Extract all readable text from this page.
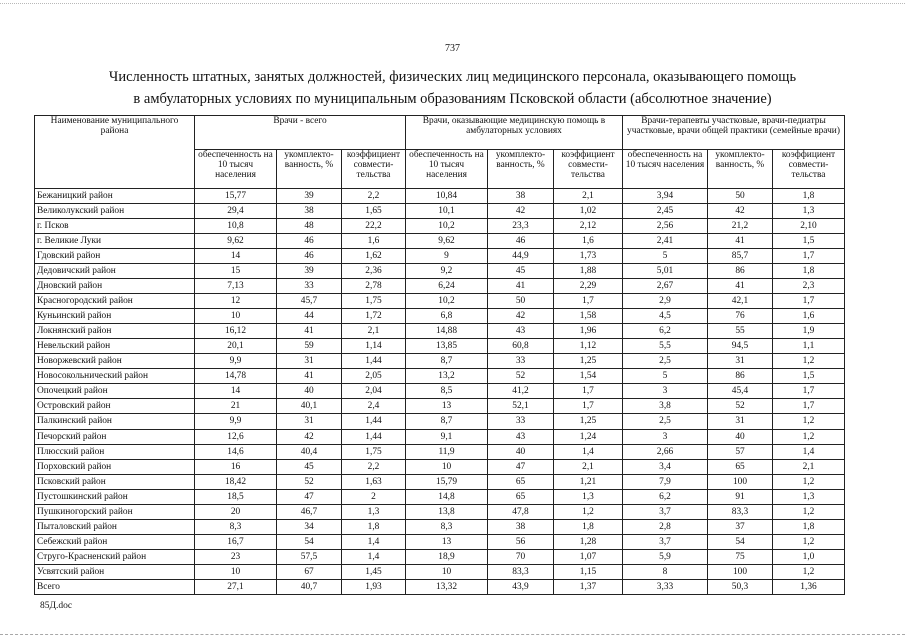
737
Численность штатных, занятых должностей, физических лиц медицинского персонала, оказывающего помощь
в амбулаторных условиях по муниципальным образованиям Псковской области (абсолютное значение)
Наименование муниципального района	Врачи - всего			Врачи, оказывающие медицинскую помощь в амбулаторных условиях			Врачи-терапевты участковые, врачи-педиатры участковые, врачи общей практики (семейные врачи)		
	обеспеченность на 10 тысяч населения	укомплекто-ванность, %	коэффициент совмести-тельства	обеспеченность на 10 тысяч населения	укомплекто-ванность, %	коэффициент совмести-тельства	обеспеченность на 10 тысяч населения	укомплекто-ванность, %	коэффициент совмести-тельства
Бежаницкий район	15,77	39	2,2	10,84	38	2,1	3,94	50	1,8
Великолукский район	29,4	38	1,65	10,1	42	1,02	2,45	42	1,3
г. Псков	10,8	48	22,2	10,2	23,3	2,12	2,56	21,2	2,10
г. Великие Луки	9,62	46	1,6	9,62	46	1,6	2,41	41	1,5
Гдовский район	14	46	1,62	9	44,9	1,73	5	85,7	1,7
Дедовичский район	15	39	2,36	9,2	45	1,88	5,01	86	1,8
Дновский район	7,13	33	2,78	6,24	41	2,29	2,67	41	2,3
Красногородский район	12	45,7	1,75	10,2	50	1,7	2,9	42,1	1,7
Куньинский район	10	44	1,72	6,8	42	1,58	4,5	76	1,6
Локнянский район	16,12	41	2,1	14,88	43	1,96	6,2	55	1,9
Невельский район	20,1	59	1,14	13,85	60,8	1,12	5,5	94,5	1,1
Новоржевский район	9,9	31	1,44	8,7	33	1,25	2,5	31	1,2
Новосокольнический район	14,78	41	2,05	13,2	52	1,54	5	86	1,5
Опочецкий район	14	40	2,04	8,5	41,2	1,7	3	45,4	1,7
Островский район	21	40,1	2,4	13	52,1	1,7	3,8	52	1,7
Палкинский район	9,9	31	1,44	8,7	33	1,25	2,5	31	1,2
Печорский район	12,6	42	1,44	9,1	43	1,24	3	40	1,2
Плюсский район	14,6	40,4	1,75	11,9	40	1,4	2,66	57	1,4
Порховский район	16	45	2,2	10	47	2,1	3,4	65	2,1
Псковский район	18,42	52	1,63	15,79	65	1,21	7,9	100	1,2
Пустошкинский район	18,5	47	2	14,8	65	1,3	6,2	91	1,3
Пушкиногорский район	20	46,7	1,3	13,8	47,8	1,2	3,7	83,3	1,2
Пыталовский район	8,3	34	1,8	8,3	38	1,8	2,8	37	1,8
Себежский район	16,7	54	1,4	13	56	1,28	3,7	54	1,2
Струго-Красненский район	23	57,5	1,4	18,9	70	1,07	5,9	75	1,0
Усвятский район	10	67	1,45	10	83,3	1,15	8	100	1,2
Всего	27,1	40,7	1,93	13,32	43,9	1,37	3,33	50,3	1,36
85Д.doc
